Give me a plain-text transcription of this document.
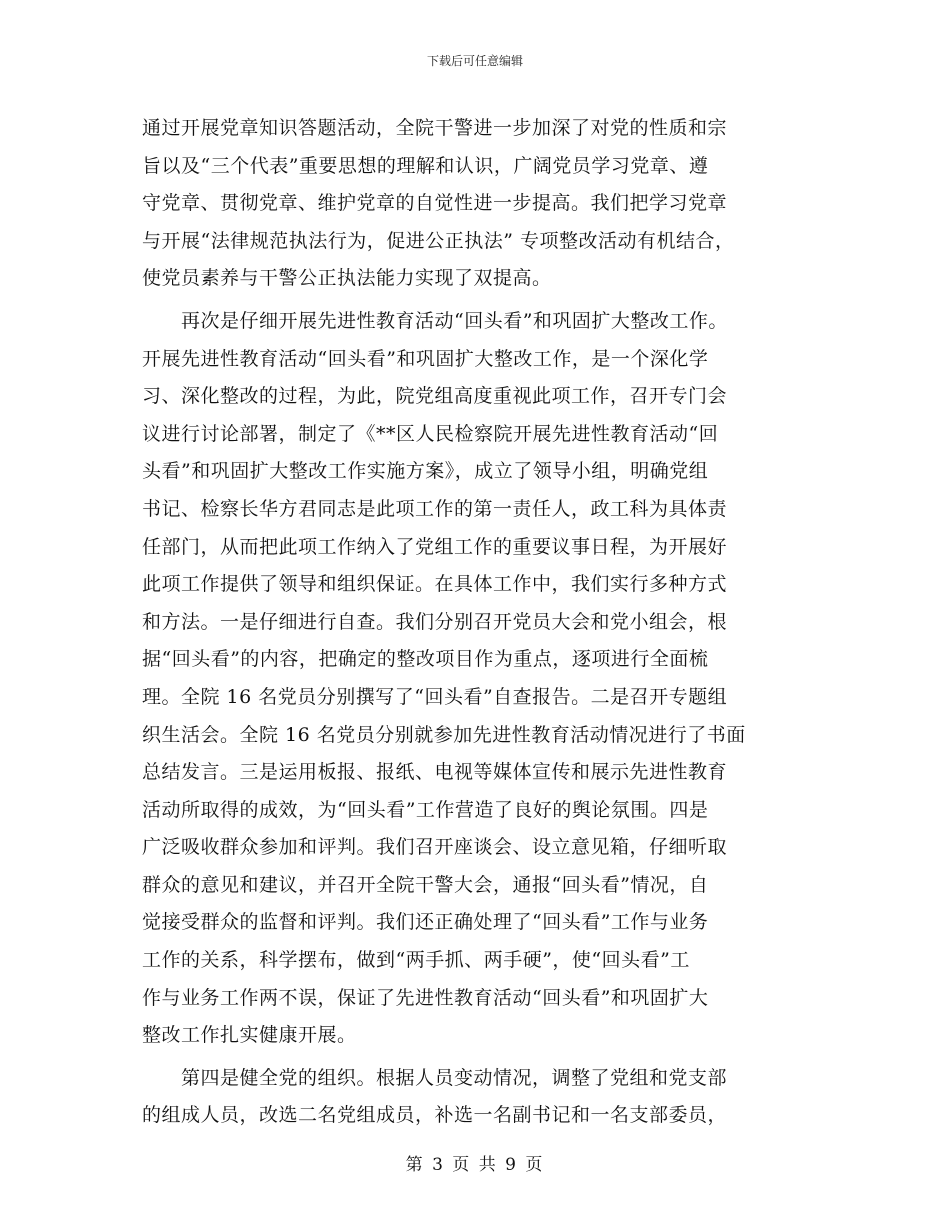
下载后可任意编辑
通过开展党章知识答题活动，全院干警进一步加深了对党的性质和宗
旨以及“三个代表”重要思想的理解和认识，广阔党员学习党章、遵
守党章、贯彻党章、维护党章的自觉性进一步提高。我们把学习党章
与开展“法律规范执法行为，促进公正执法” 专项整改活动有机结合，
使党员素养与干警公正执法能力实现了双提高。
　　再次是仔细开展先进性教育活动“回头看”和巩固扩大整改工作。
开展先进性教育活动“回头看”和巩固扩大整改工作，是一个深化学
习、深化整改的过程，为此，院党组高度重视此项工作，召开专门会
议进行讨论部署，制定了《**区人民检察院开展先进性教育活动“回
头看”和巩固扩大整改工作实施方案》，成立了领导小组，明确党组
书记、检察长华方君同志是此项工作的第一责任人，政工科为具体责
任部门，从而把此项工作纳入了党组工作的重要议事日程，为开展好
此项工作提供了领导和组织保证。在具体工作中，我们实行多种方式
和方法。一是仔细进行自查。我们分别召开党员大会和党小组会，根
据“回头看”的内容，把确定的整改项目作为重点，逐项进行全面梳
理。全院 16 名党员分别撰写了“回头看”自查报告。二是召开专题组
织生活会。全院 16 名党员分别就参加先进性教育活动情况进行了书面
总结发言。三是运用板报、报纸、电视等媒体宣传和展示先进性教育
活动所取得的成效，为“回头看”工作营造了良好的舆论氛围。四是
广泛吸收群众参加和评判。我们召开座谈会、设立意见箱，仔细听取
群众的意见和建议，并召开全院干警大会，通报“回头看”情况，自
觉接受群众的监督和评判。我们还正确处理了“回头看”工作与业务
工作的关系，科学摆布，做到“两手抓、两手硬”，使“回头看”工
作与业务工作两不误，保证了先进性教育活动“回头看”和巩固扩大
整改工作扎实健康开展。
　　第四是健全党的组织。根据人员变动情况，调整了党组和党支部
的组成人员，改选二名党组成员，补选一名副书记和一名支部委员，
第 3 页 共 9 页
